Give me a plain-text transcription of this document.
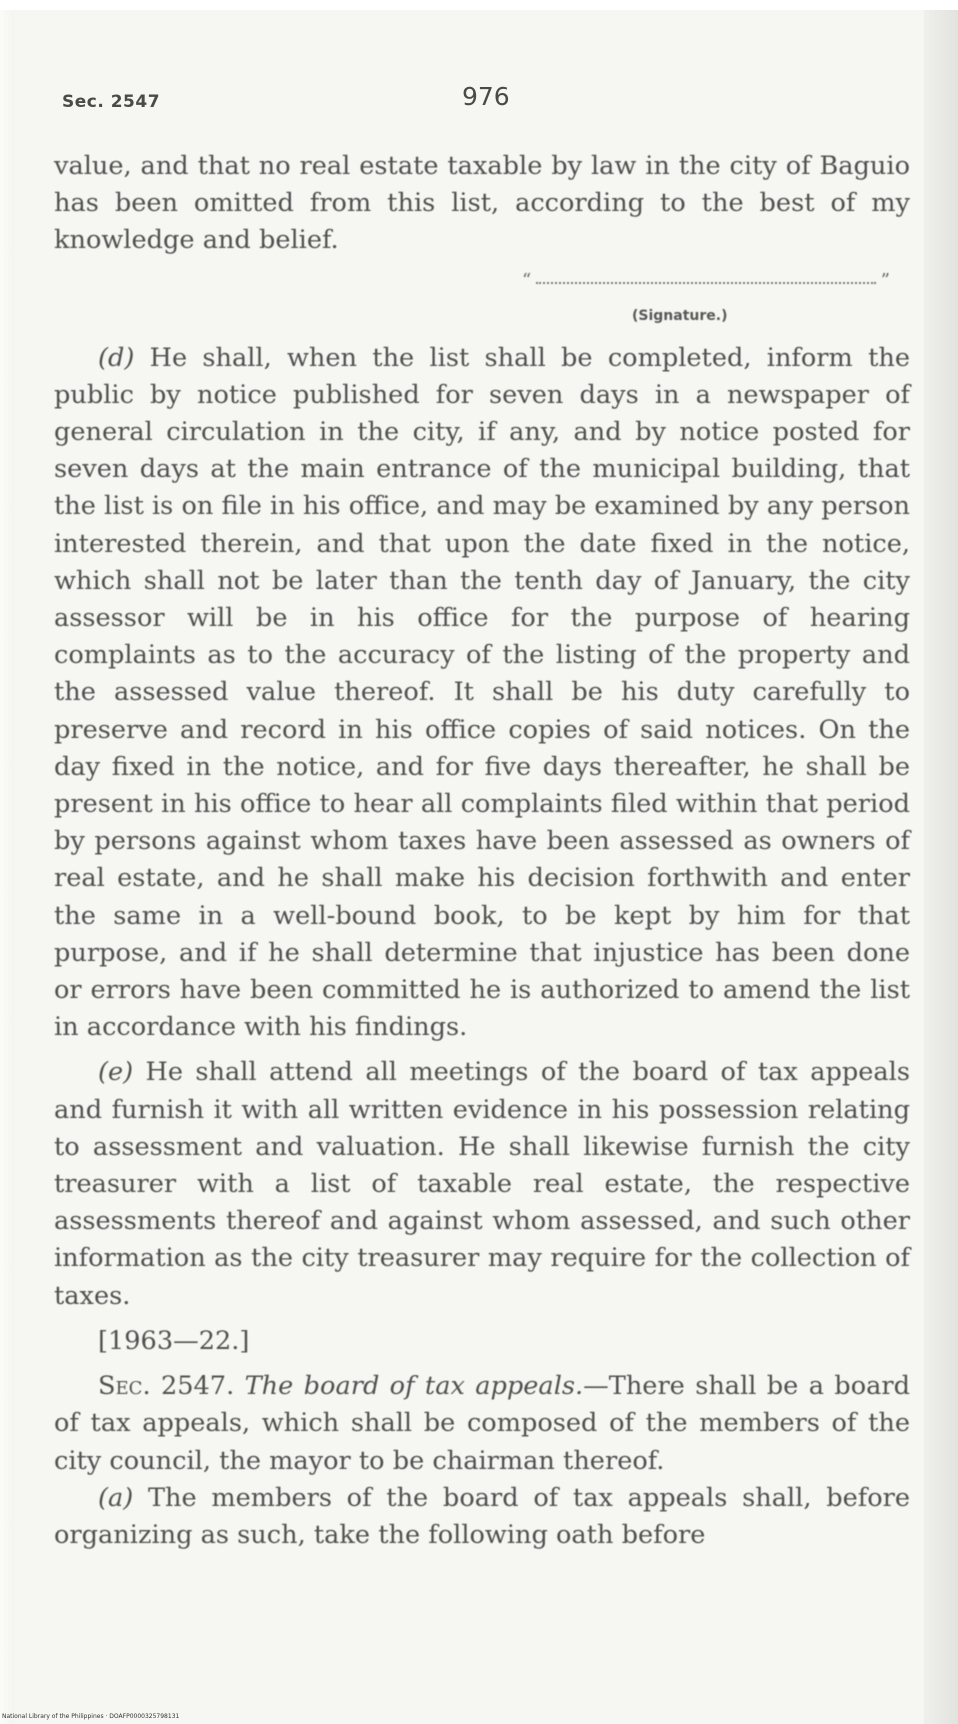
Sec. 2547	976

value, and that no real estate taxable by law in the city of Baguio has been omitted from this list, according to the best of my knowledge and belief.

“	”
(Signature.)

(d) He shall, when the list shall be completed, inform the public by notice published for seven days in a newspaper of general circulation in the city, if any, and by notice posted for seven days at the main entrance of the municipal building, that the list is on file in his office, and may be examined by any person interested therein, and that upon the date fixed in the notice, which shall not be later than the tenth day of January, the city assessor will be in his office for the purpose of hearing complaints as to the accuracy of the listing of the property and the assessed value thereof. It shall be his duty carefully to preserve and record in his office copies of said notices. On the day fixed in the notice, and for five days thereafter, he shall be present in his office to hear all complaints filed within that period by persons against whom taxes have been assessed as owners of real estate, and he shall make his decision forthwith and enter the same in a well-bound book, to be kept by him for that purpose, and if he shall determine that injustice has been done or errors have been committed he is authorized to amend the list in accordance with his findings.

(e) He shall attend all meetings of the board of tax appeals and furnish it with all written evidence in his possession relating to assessment and valuation. He shall likewise furnish the city treasurer with a list of taxable real estate, the respective assessments thereof and against whom assessed, and such other information as the city treasurer may require for the collection of taxes.

[1963—22.]

Sec. 2547. The board of tax appeals.—There shall be a board of tax appeals, which shall be composed of the members of the city council, the mayor to be chairman thereof.

(a) The members of the board of tax appeals shall, before organizing as such, take the following oath before

National Library of the Philippines · DOAFP0000325798131
